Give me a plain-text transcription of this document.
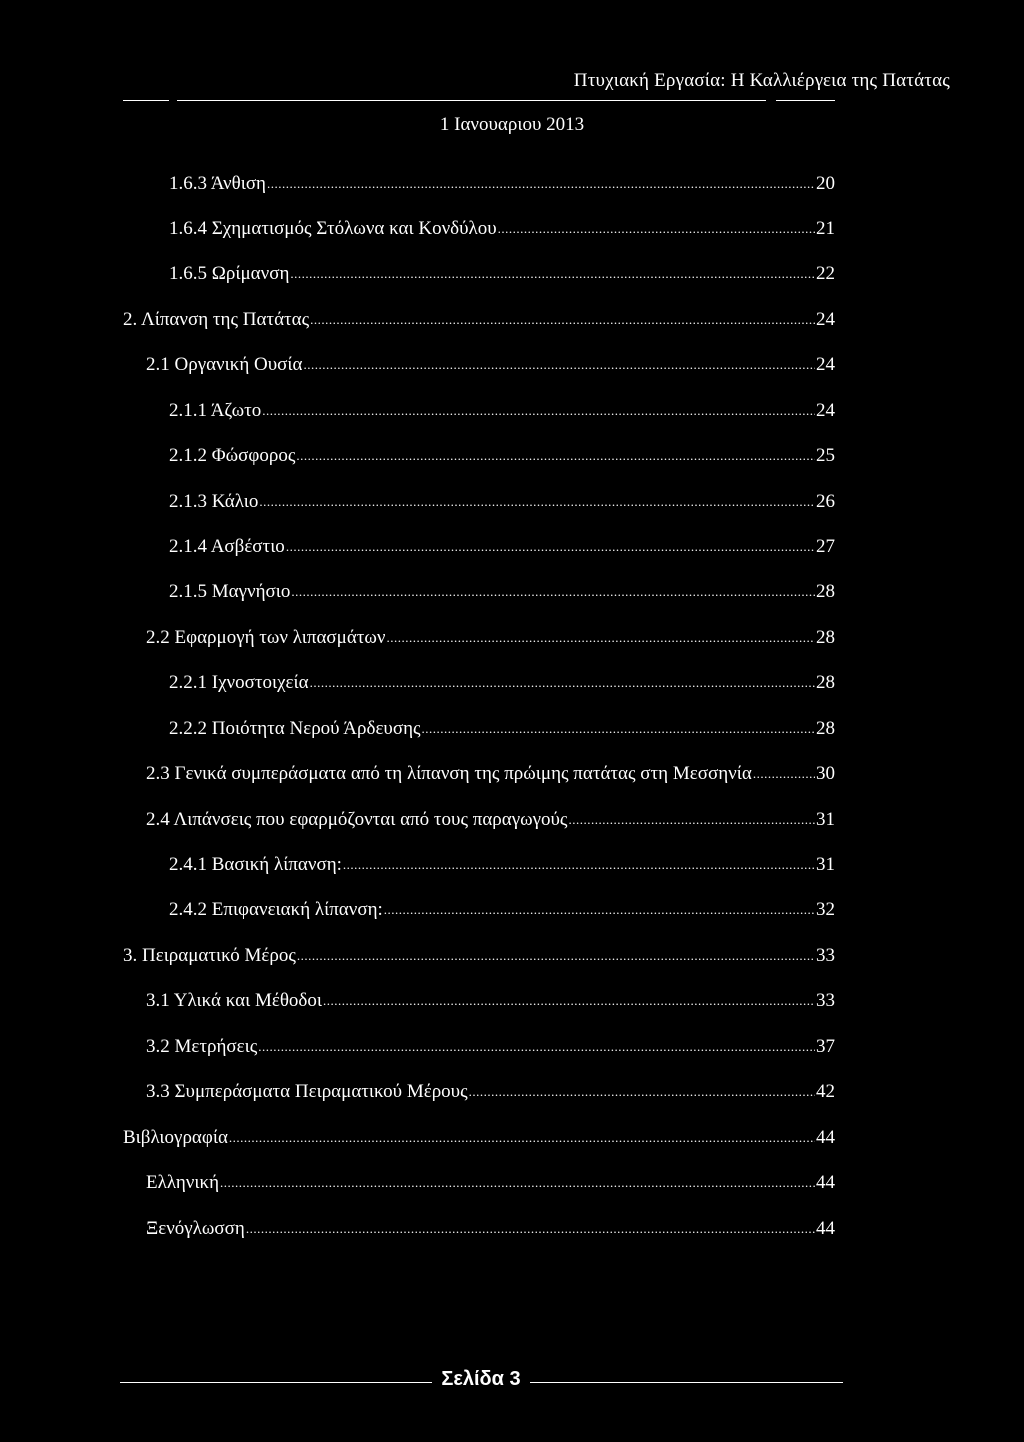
Πτυχιακή Εργασία: Η Καλλιέργεια της Πατάτας
1 Ιανουαριου 2013
1.6.3 Άνθιση .....	20
1.6.4 Σχηματισμός Στόλωνα και Κονδύλου .....	21
1.6.5 Ωρίμανση .....	22
2. Λίπανση της Πατάτας .....	24
2.1 Οργανική Ουσία .....	24
2.1.1 Άζωτο .....	24
2.1.2 Φώσφορος .....	25
2.1.3 Κάλιο .....	26
2.1.4 Ασβέστιο .....	27
2.1.5 Μαγνήσιο .....	28
2.2 Εφαρμογή των λιπασμάτων .....	28
2.2.1 Ιχνοστοιχεία .....	28
2.2.2 Ποιότητα Νερού Άρδευσης .....	28
2.3 Γενικά συμπεράσματα από τη λίπανση της πρώιμης πατάτας στη Μεσσηνία .....	30
2.4 Λιπάνσεις που εφαρμόζονται από τους παραγωγούς .....	31
2.4.1 Βασική λίπανση: .....	31
2.4.2 Επιφανειακή λίπανση: .....	32
3. Πειραματικό Μέρος .....	33
3.1 Υλικά και Μέθοδοι .....	33
3.2 Μετρήσεις .....	37
3.3 Συμπεράσματα Πειραματικού Μέρους .....	42
Βιβλιογραφία .....	44
Ελληνική .....	44
Ξενόγλωσση .....	44
Σελίδα 3
